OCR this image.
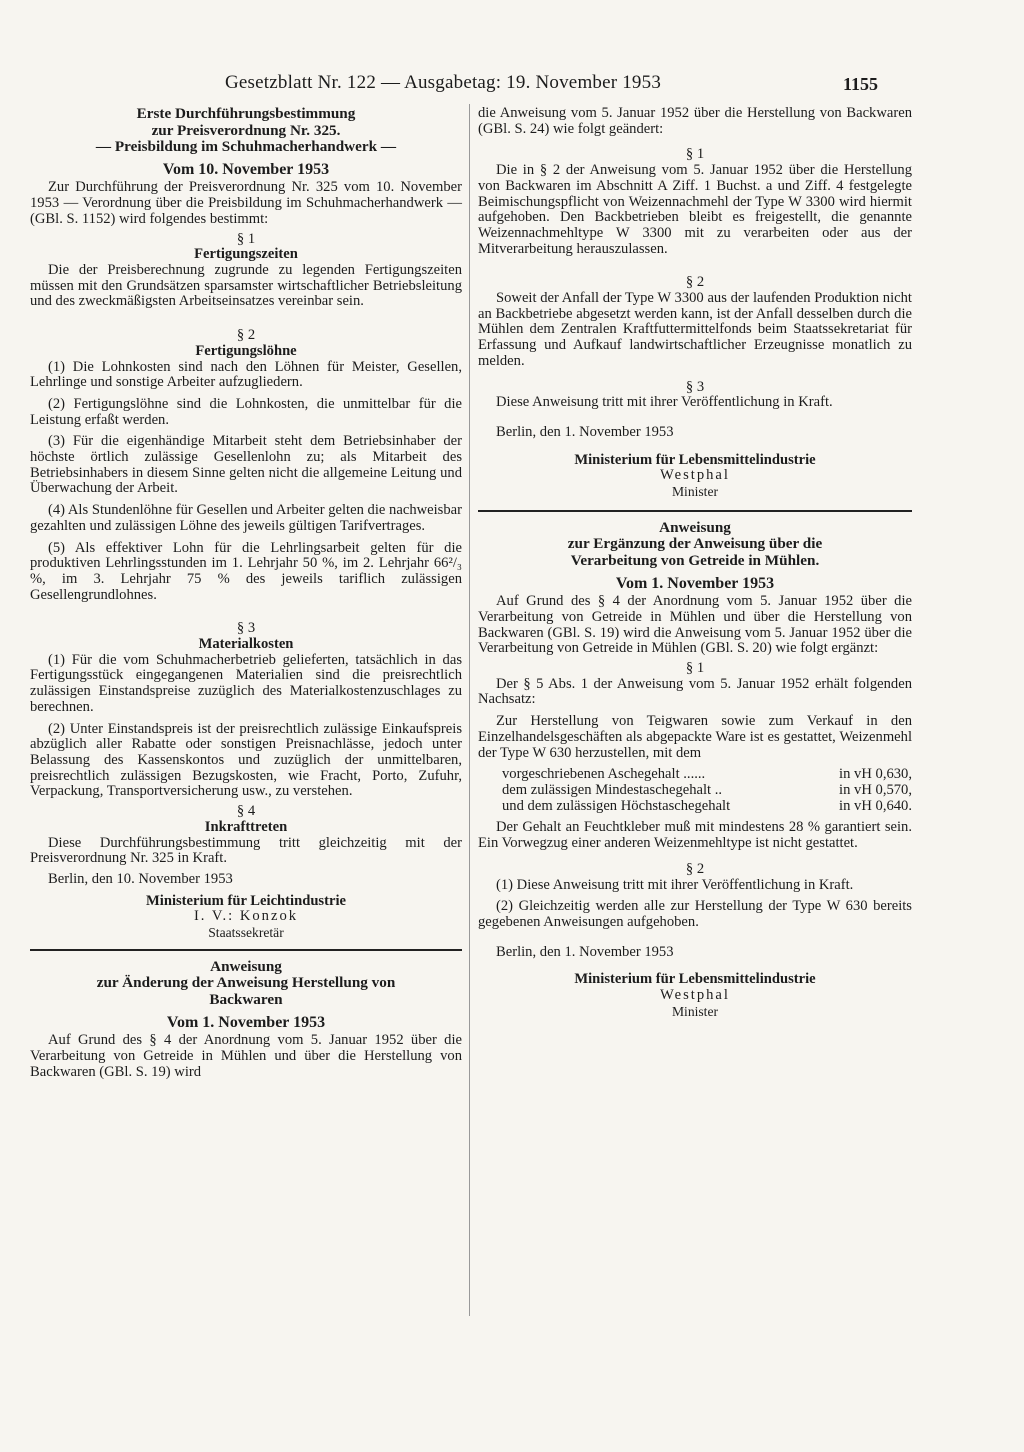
Gesetzblatt Nr. 122 — Ausgabetag: 19. November 1953	1155

Erste Durchführungsbestimmung

zur Preisverordnung Nr. 325.

— Preisbildung im Schuhmacherhandwerk —

Vom 10. November 1953

Zur Durchführung der Preisverordnung Nr. 325 vom 10. November 1953 — Verordnung über die Preisbildung im Schuhmacherhandwerk — (GBl. S. 1152) wird folgendes bestimmt:

§ 1

Fertigungszeiten

Die der Preisberechnung zugrunde zu legenden Fertigungszeiten müssen mit den Grundsätzen sparsamster wirtschaftlicher Betriebsleitung und des zweckmäßigsten Arbeitseinsatzes vereinbar sein.

§ 2

Fertigungslöhne

(1) Die Lohnkosten sind nach den Löhnen für Meister, Gesellen, Lehrlinge und sonstige Arbeiter aufzugliedern.

(2) Fertigungslöhne sind die Lohnkosten, die unmittelbar für die Leistung erfaßt werden.

(3) Für die eigenhändige Mitarbeit steht dem Betriebsinhaber der höchste örtlich zulässige Gesellenlohn zu; als Mitarbeit des Betriebsinhabers in diesem Sinne gelten nicht die allgemeine Leitung und Überwachung der Arbeit.

(4) Als Stundenlöhne für Gesellen und Arbeiter gelten die nachweisbar gezahlten und zulässigen Löhne des jeweils gültigen Tarifvertrages.

(5) Als effektiver Lohn für die Lehrlingsarbeit gelten für die produktiven Lehrlingsstunden im 1. Lehrjahr 50 %, im 2. Lehrjahr 66²/₃ %, im 3. Lehrjahr 75 % des jeweils tariflich zulässigen Gesellengrundlohnes.

§ 3

Materialkosten

(1) Für die vom Schuhmacherbetrieb gelieferten, tatsächlich in das Fertigungsstück eingegangenen Materialien sind die preisrechtlich zulässigen Einstandspreise zuzüglich des Materialkostenzuschlages zu berechnen.

(2) Unter Einstandspreis ist der preisrechtlich zulässige Einkaufspreis abzüglich aller Rabatte oder sonstigen Preisnachlässe, jedoch unter Belassung des Kassenskontos und zuzüglich der unmittelbaren, preisrechtlich zulässigen Bezugskosten, wie Fracht, Porto, Zufuhr, Verpackung, Transportversicherung usw., zu verstehen.

§ 4

Inkrafttreten

Diese Durchführungsbestimmung tritt gleichzeitig mit der Preisverordnung Nr. 325 in Kraft.

Berlin, den 10. November 1953

Ministerium für Leichtindustrie

I. V.: Konzok

Staatssekretär

Anweisung

zur Änderung der Anweisung Herstellung von

Backwaren

Vom 1. November 1953

Auf Grund des § 4 der Anordnung vom 5. Januar 1952 über die Verarbeitung von Getreide in Mühlen und über die Herstellung von Backwaren (GBl. S. 19) wird

die Anweisung vom 5. Januar 1952 über die Herstellung von Backwaren (GBl. S. 24) wie folgt geändert:

§ 1

Die in § 2 der Anweisung vom 5. Januar 1952 über die Herstellung von Backwaren im Abschnitt A Ziff. 1 Buchst. a und Ziff. 4 festgelegte Beimischungspflicht von Weizennachmehl der Type W 3300 wird hiermit aufgehoben. Den Backbetrieben bleibt es freigestellt, die genannte Weizennachmehltype W 3300 mit zu verarbeiten oder aus der Mitverarbeitung herauszulassen.

§ 2

Soweit der Anfall der Type W 3300 aus der laufenden Produktion nicht an Backbetriebe abgesetzt werden kann, ist der Anfall desselben durch die Mühlen dem Zentralen Kraftfuttermittelfonds beim Staatssekretariat für Erfassung und Aufkauf landwirtschaftlicher Erzeugnisse monatlich zu melden.

§ 3

Diese Anweisung tritt mit ihrer Veröffentlichung in Kraft.

Berlin, den 1. November 1953

Ministerium für Lebensmittelindustrie

Westphal

Minister

Anweisung

zur Ergänzung der Anweisung über die

Verarbeitung von Getreide in Mühlen.

Vom 1. November 1953

Auf Grund des § 4 der Anordnung vom 5. Januar 1952 über die Verarbeitung von Getreide in Mühlen und über die Herstellung von Backwaren (GBl. S. 19) wird die Anweisung vom 5. Januar 1952 über die Verarbeitung von Getreide in Mühlen (GBl. S. 20) wie folgt ergänzt:

§ 1

Der § 5 Abs. 1 der Anweisung vom 5. Januar 1952 erhält folgenden Nachsatz:

Zur Herstellung von Teigwaren sowie zum Verkauf in den Einzelhandelsgeschäften als abgepackte Ware ist es gestattet, Weizenmehl der Type W 630 herzustellen, mit dem

vorgeschriebenen Aschegehalt ......	in vH 0,630,
dem zulässigen Mindestaschegehalt ..	in vH 0,570,
und dem zulässigen Höchstaschegehalt	in vH 0,640.

Der Gehalt an Feuchtkleber muß mit mindestens 28 % garantiert sein. Ein Vorwegzug einer anderen Weizenmehltype ist nicht gestattet.

§ 2

(1) Diese Anweisung tritt mit ihrer Veröffentlichung in Kraft.

(2) Gleichzeitig werden alle zur Herstellung der Type W 630 bereits gegebenen Anweisungen aufgehoben.

Berlin, den 1. November 1953

Ministerium für Lebensmittelindustrie

Westphal

Minister
